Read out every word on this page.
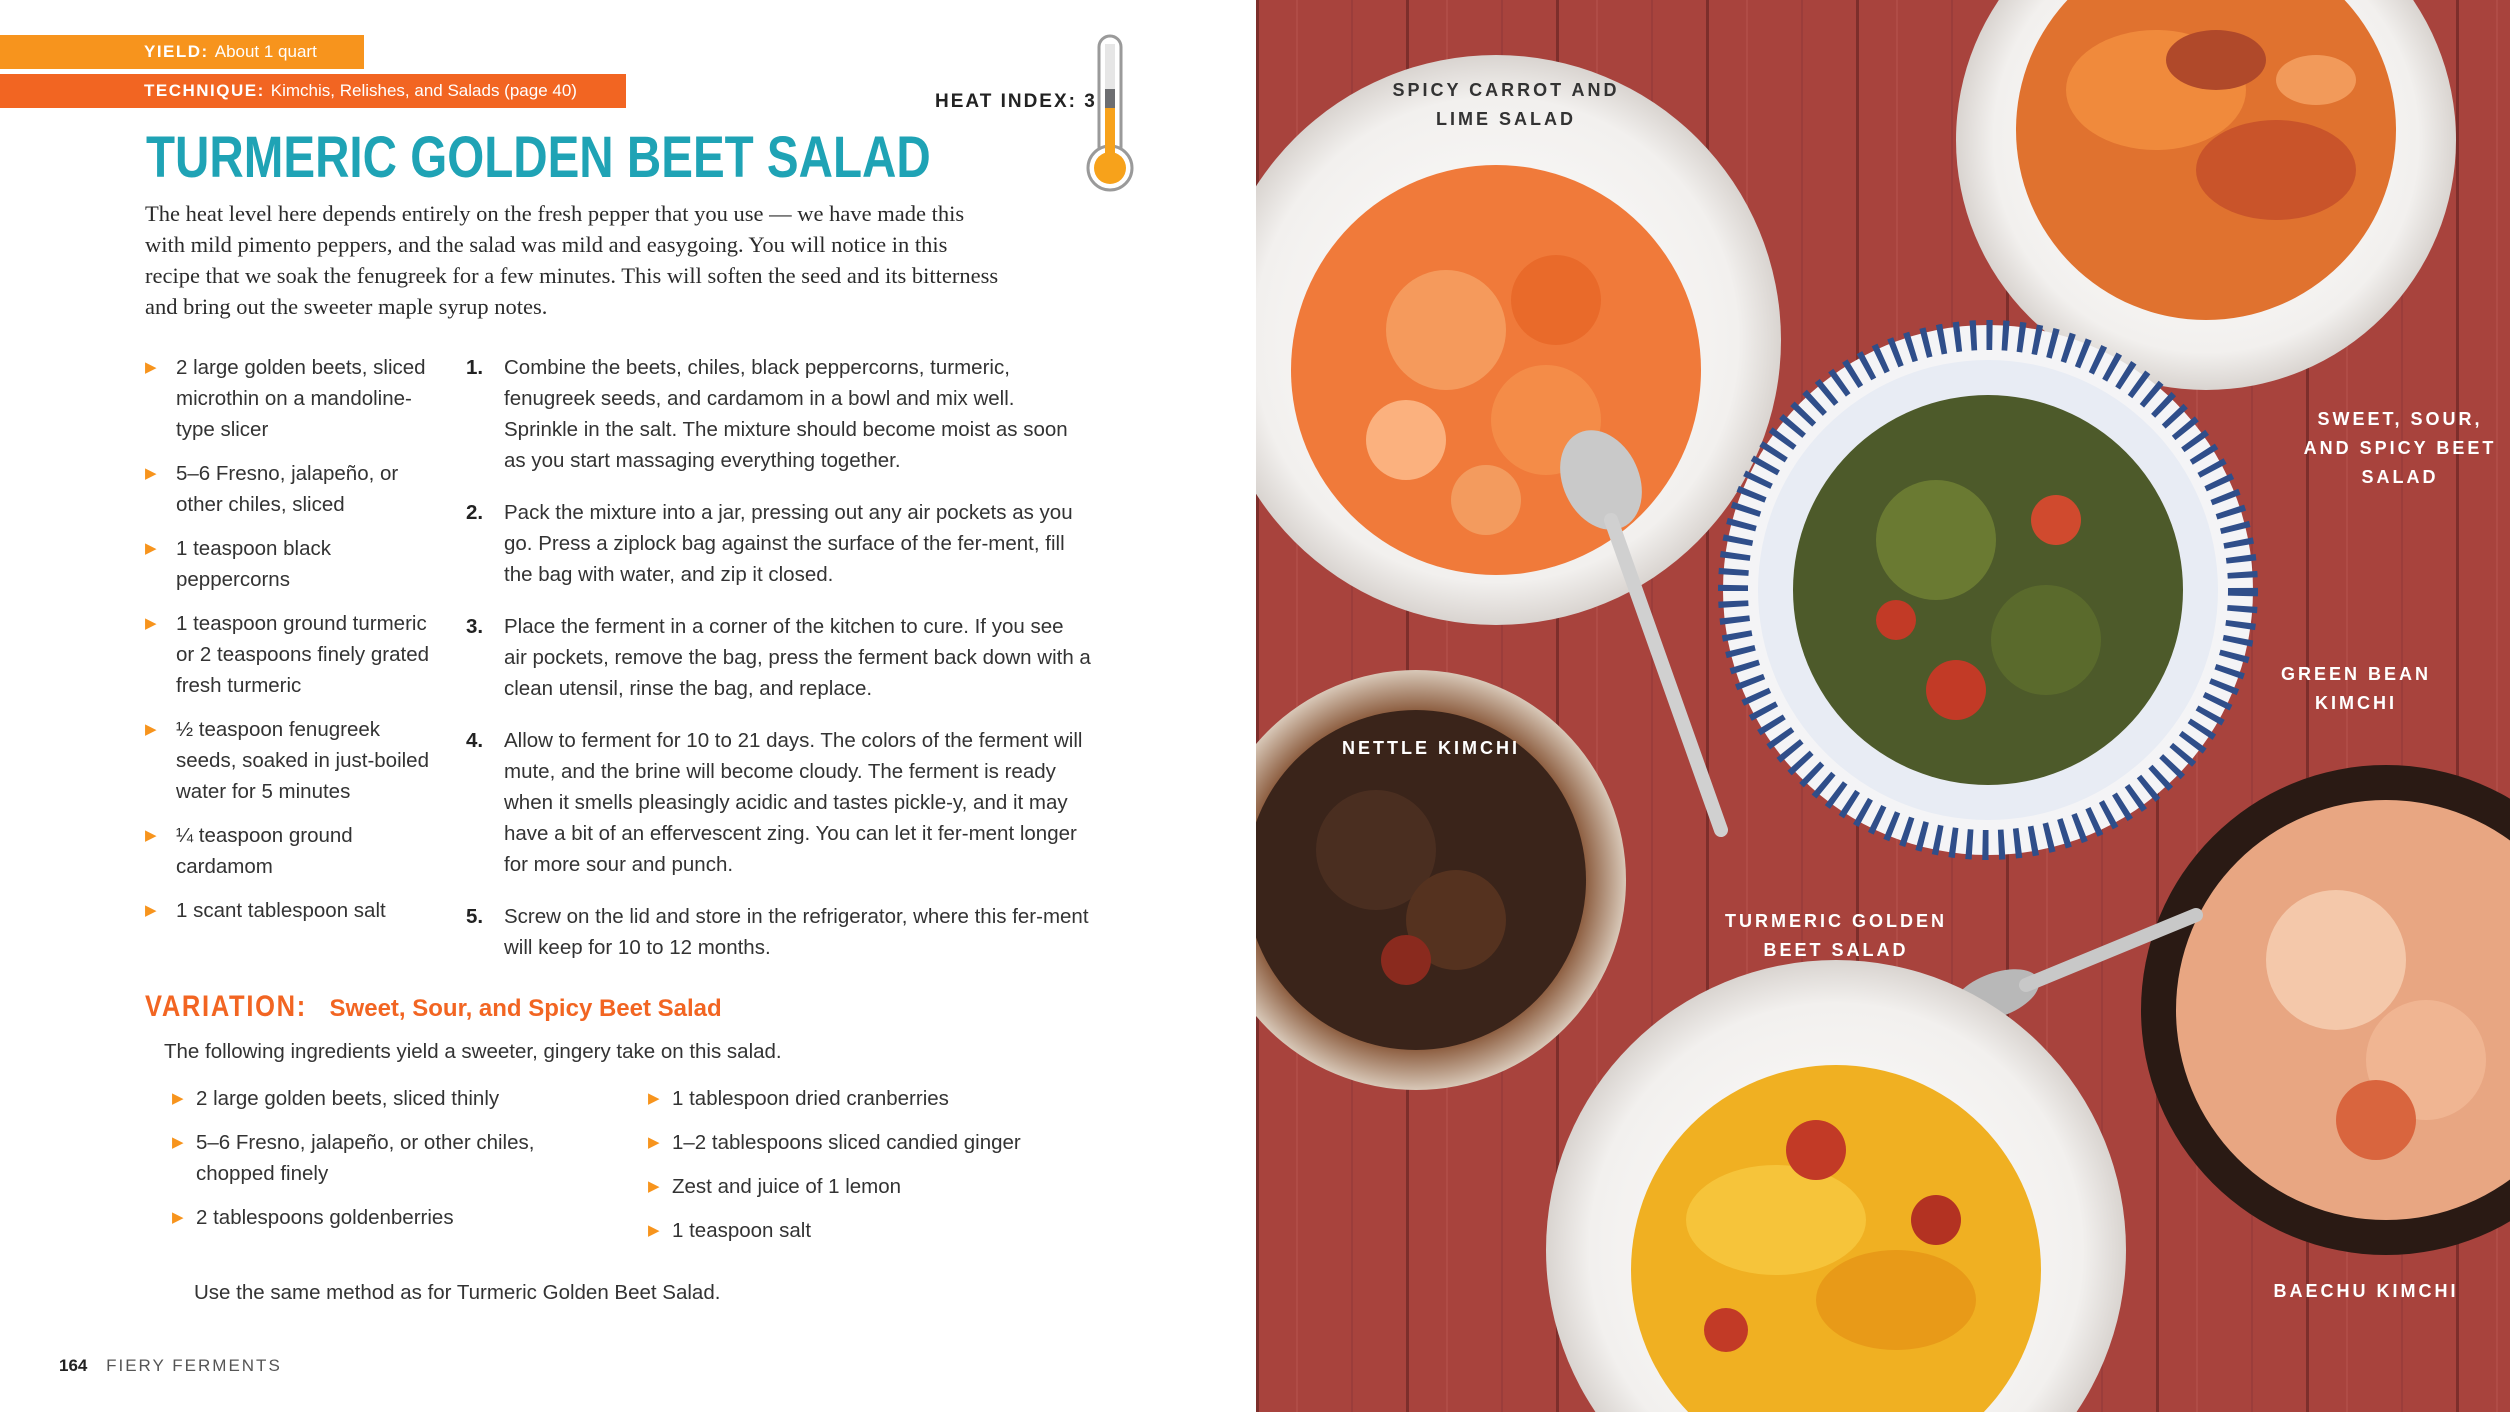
YIELD: About 1 quart
TECHNIQUE: Kimchis, Relishes, and Salads (page 40)
HEAT INDEX: 3
TURMERIC GOLDEN BEET SALAD

The heat level here depends entirely on the fresh pepper that you use — we have made this with mild pimento peppers, and the salad was mild and easygoing. You will notice in this recipe that we soak the fenugreek for a few minutes. This will soften the seed and its bitterness and bring out the sweeter maple syrup notes.

▶ 2 large golden beets, sliced microthin on a mandoline-type slicer
▶ 5–6 Fresno, jalapeño, or other chiles, sliced
▶ 1 teaspoon black peppercorns
▶ 1 teaspoon ground turmeric or 2 teaspoons finely grated fresh turmeric
▶ ½ teaspoon fenugreek seeds, soaked in just-boiled water for 5 minutes
▶ ¼ teaspoon ground cardamom
▶ 1 scant tablespoon salt
1. Combine the beets, chiles, black peppercorns, turmeric, fenugreek seeds, and cardamom in a bowl and mix well. Sprinkle in the salt. The mixture should become moist as soon as you start massaging everything together.
2. Pack the mixture into a jar, pressing out any air pockets as you go. Press a ziplock bag against the surface of the fer-ment, fill the bag with water, and zip it closed.
3. Place the ferment in a corner of the kitchen to cure. If you see air pockets, remove the bag, press the ferment back down with a clean utensil, rinse the bag, and replace.
4. Allow to ferment for 10 to 21 days. The colors of the ferment will mute, and the brine will become cloudy. The ferment is ready when it smells pleasingly acidic and tastes pickle-y, and it may have a bit of an effervescent zing. You can let it fer-ment longer for more sour and punch.
5. Screw on the lid and store in the refrigerator, where this fer-ment will keep for 10 to 12 months.
VARIATION: Sweet, Sour, and Spicy Beet Salad

The following ingredients yield a sweeter, gingery take on this salad.

▶ 2 large golden beets, sliced thinly
▶ 5–6 Fresno, jalapeño, or other chiles, chopped finely
▶ 2 tablespoons goldenberries
▶ 1 tablespoon dried cranberries
▶ 1–2 tablespoons sliced candied ginger
▶ Zest and juice of 1 lemon
▶ 1 teaspoon salt

Use the same method as for Turmeric Golden Beet Salad.

164 FIERY FERMENTS
SPICY CARROT AND
LIME SALAD
SWEET, SOUR,
AND SPICY BEET
SALAD
GREEN BEAN
KIMCHI
NETTLE KIMCHI
TURMERIC GOLDEN
BEET SALAD
BAECHU KIMCHI
